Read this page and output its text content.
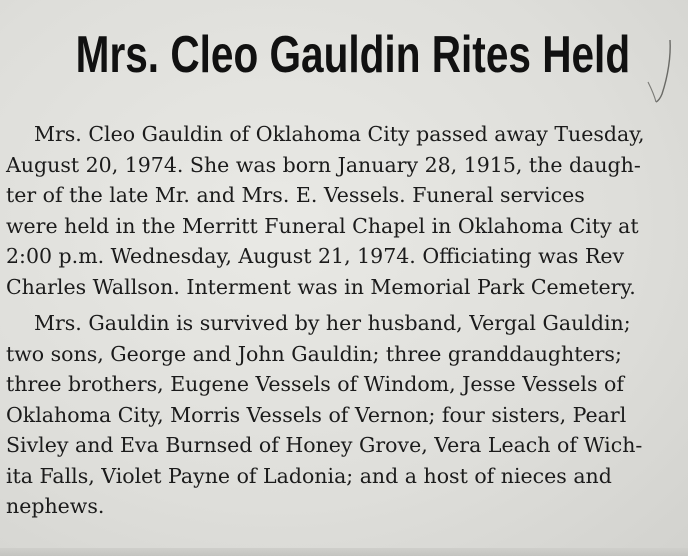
Mrs. Cleo Gauldin Rites Held
Mrs. Cleo Gauldin of Oklahoma City passed away Tuesday,
August 20, 1974. She was born January 28, 1915, the daugh-
ter of the late Mr. and Mrs. E. Vessels. Funeral services
were held in the Merritt Funeral Chapel in Oklahoma City at
2:00 p.m. Wednesday, August 21, 1974. Officiating was Rev
Charles Wallson. Interment was in Memorial Park Cemetery.
Mrs. Gauldin is survived by her husband, Vergal Gauldin;
two sons, George and John Gauldin; three granddaughters;
three brothers, Eugene Vessels of Windom, Jesse Vessels of
Oklahoma City, Morris Vessels of Vernon; four sisters, Pearl
Sivley and Eva Burnsed of Honey Grove, Vera Leach of Wich-
ita Falls, Violet Payne of Ladonia; and a host of nieces and
nephews.
